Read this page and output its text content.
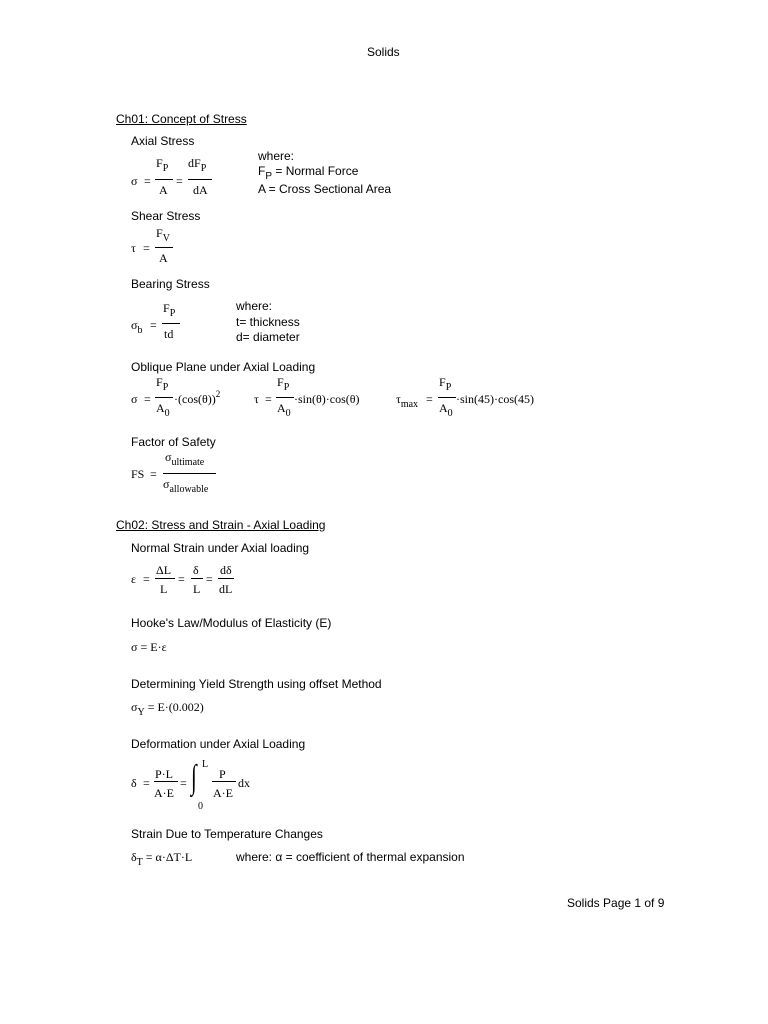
Solids
Ch01: Concept of Stress
Axial Stress
σ =
$F_P$
A
=
$dF_P$
dA
where:
$F_P$ = Normal Force
A = Cross Sectional Area
Shear Stress
τ =
$F_V$
A
Bearing Stress
$\sigma_b$ =
$F_P$
td
where:
t= thickness
d= diameter
Oblique Plane under Axial Loading
σ =
$F_P$
$A_0$
$\cdot(\cos(\theta))^2$	τ =
$F_P$
$A_0$
·sin(θ)·cos(θ)	$\tau_{max}$ =
$F_P$
$A_0$
·sin(45)·cos(45)
Factor of Safety
FS =
$\sigma_{ultimate}$
$\sigma_{allowable}$
Ch02: Stress and Strain - Axial Loading
Normal Strain under Axial loading
ε =
ΔL
L
=
δ
L
=
dδ
dL
Hooke's Law/Modulus of Elasticity (E)
σ = E·ε
Determining Yield Strength using offset Method
$\sigma_Y = E\cdot(0.002)$
Deformation under Axial Loading
δ =
P·L
A·E
= ∫ L
0
P
A·E
dx
Strain Due to Temperature Changes
$\delta_T = \alpha\cdot\Delta T\cdot L$	where: α = coefficient of thermal expansion
Solids Page 1 of 9
